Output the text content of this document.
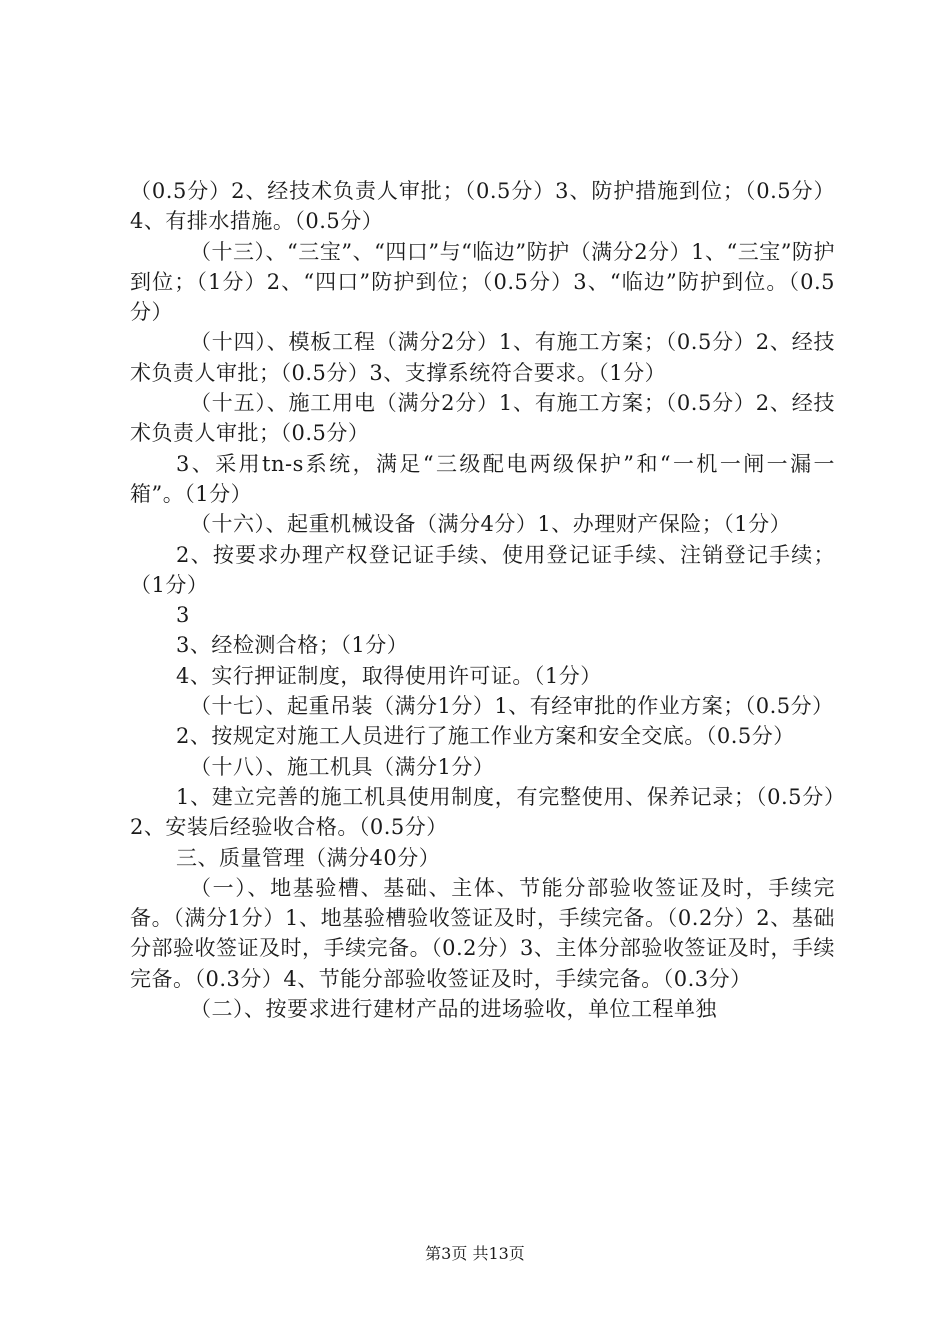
（0.5分）2、经技术负责人审批；（0.5分）3、防护措施到位；（0.5分）4、有排水措施。（0.5分）

（十三）、“三宝”、“四口”与“临边”防护（满分2分）1、“三宝”防护到位；（1分）2、“四口”防护到位；（0.5分）3、“临边”防护到位。（0.5分）

（十四）、模板工程（满分2分）1、有施工方案；（0.5分）2、经技术负责人审批；（0.5分）3、支撑系统符合要求。（1分）

（十五）、施工用电（满分2分）1、有施工方案；（0.5分）2、经技术负责人审批；（0.5分）

3、采用tn-s系统，满足“三级配电两级保护”和“一机一闸一漏一箱”。（1分）

（十六）、起重机械设备（满分4分）1、办理财产保险；（1分）

2、按要求办理产权登记证手续、使用登记证手续、注销登记手续；（1分）

3

3、经检测合格；（1分）

4、实行押证制度，取得使用许可证。（1分）

（十七）、起重吊装（满分1分）1、有经审批的作业方案；（0.5分）

2、按规定对施工人员进行了施工作业方案和安全交底。（0.5分）

（十八）、施工机具（满分1分）

1、建立完善的施工机具使用制度，有完整使用、保养记录；（0.5分）2、安装后经验收合格。（0.5分）

三、质量管理（满分40分）

（一）、地基验槽、基础、主体、节能分部验收签证及时，手续完备。（满分1分）1、地基验槽验收签证及时，手续完备。（0.2分）2、基础分部验收签证及时，手续完备。（0.2分）3、主体分部验收签证及时，手续完备。（0.3分）4、节能分部验收签证及时，手续完备。（0.3分）

（二）、按要求进行建材产品的进场验收，单位工程单独

第3页 共13页
